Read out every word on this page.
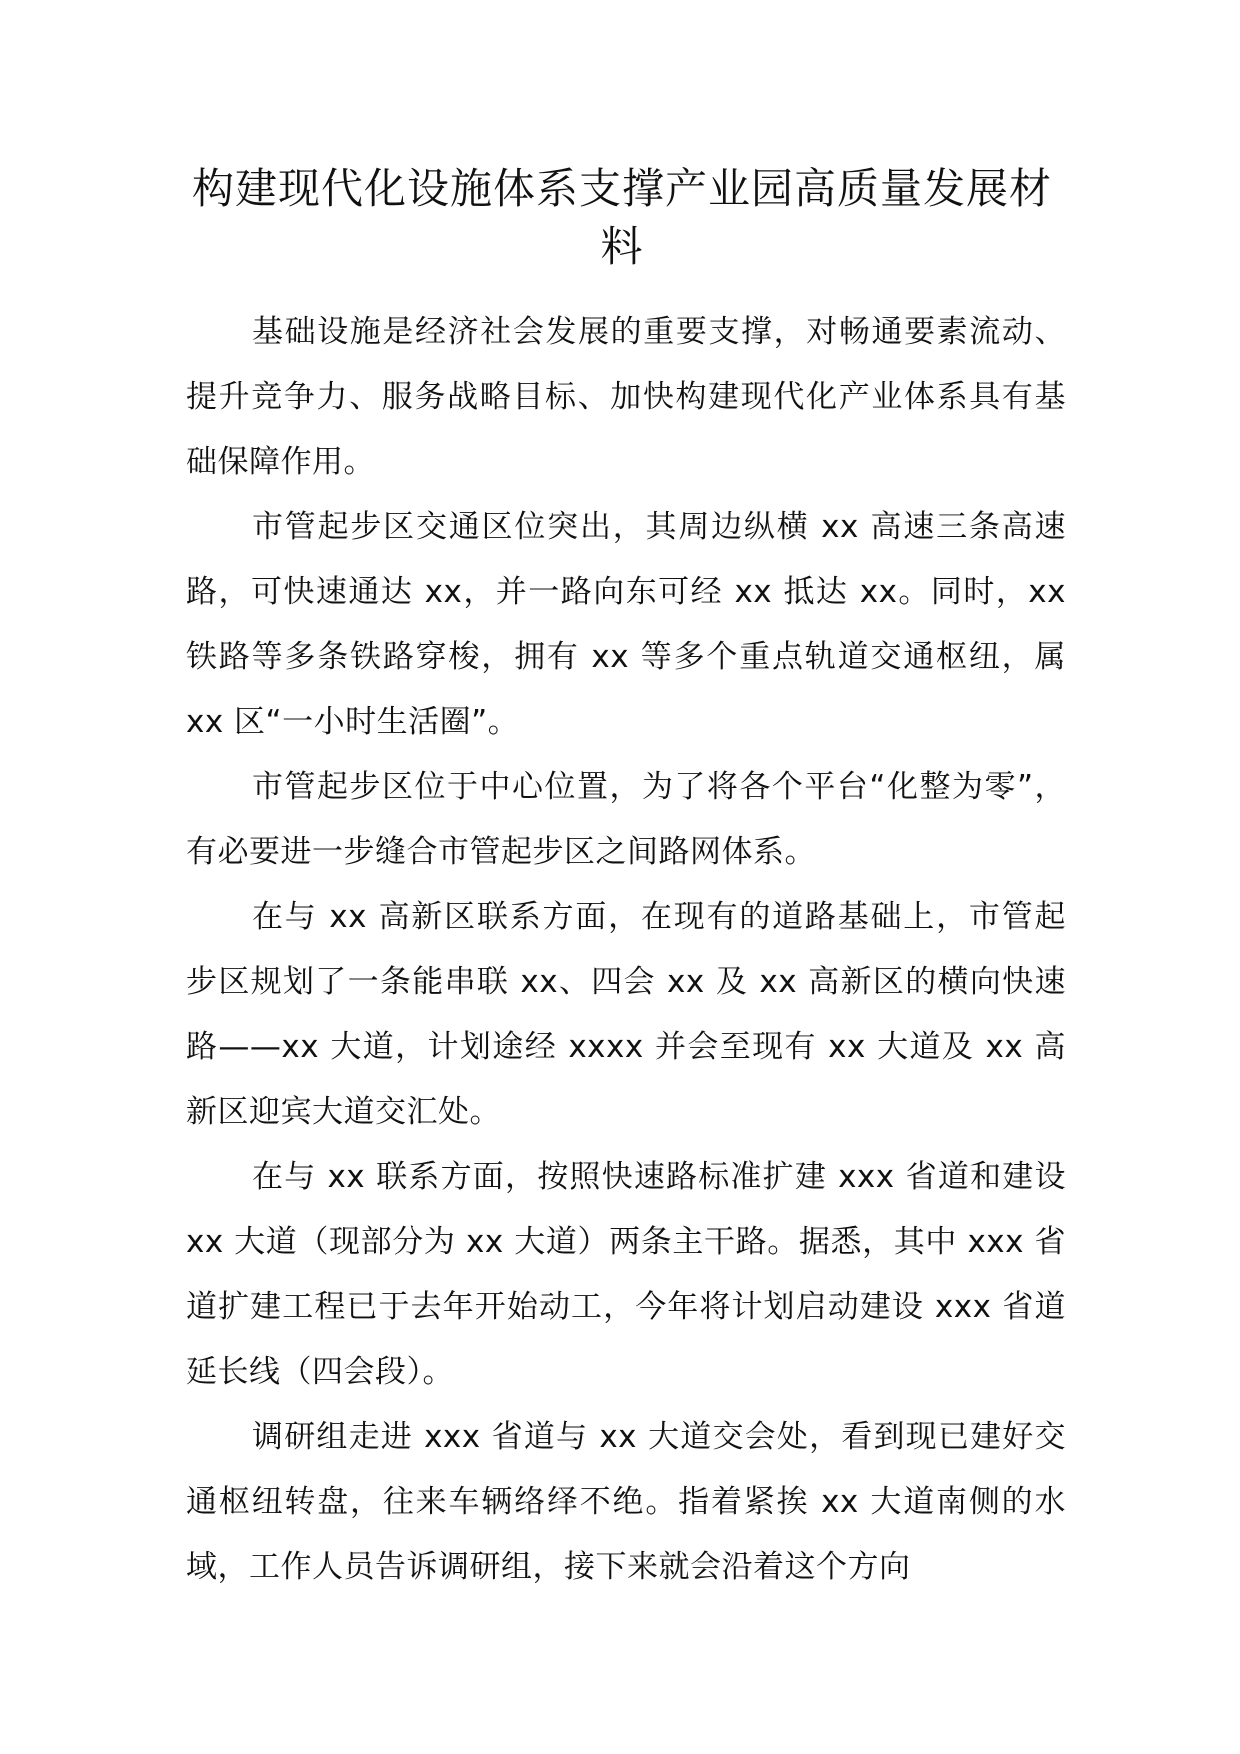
构建现代化设施体系支撑产业园高质量发展材料

基础设施是经济社会发展的重要支撑，对畅通要素流动、提升竞争力、服务战略目标、加快构建现代化产业体系具有基础保障作用。

市管起步区交通区位突出，其周边纵横 xx 高速三条高速路，可快速通达 xx，并一路向东可经 xx 抵达 xx。同时，xx 铁路等多条铁路穿梭，拥有 xx 等多个重点轨道交通枢纽，属 xx 区“一小时生活圈”。

市管起步区位于中心位置，为了将各个平台“化整为零”，有必要进一步缝合市管起步区之间路网体系。

在与 xx 高新区联系方面，在现有的道路基础上，市管起步区规划了一条能串联 xx、四会 xx 及 xx 高新区的横向快速路——xx 大道，计划途经 xxxx 并会至现有 xx 大道及 xx 高新区迎宾大道交汇处。

在与 xx 联系方面，按照快速路标准扩建 xxx 省道和建设 xx 大道（现部分为 xx 大道）两条主干路。据悉，其中 xxx 省道扩建工程已于去年开始动工，今年将计划启动建设 xxx 省道延长线（四会段）。

调研组走进 xxx 省道与 xx 大道交会处，看到现已建好交通枢纽转盘，往来车辆络绎不绝。指着紧挨 xx 大道南侧的水域，工作人员告诉调研组，接下来就会沿着这个方向
